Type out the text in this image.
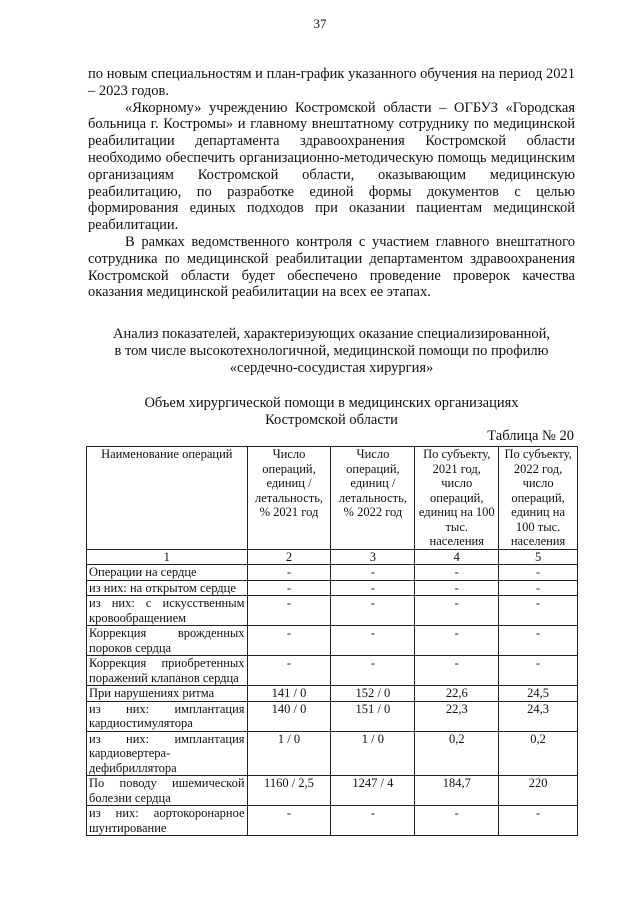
37

по новым специальностям и план-график указанного обучения на период 2021 – 2023 годов.

«Якорному» учреждению Костромской области – ОГБУЗ «Городская больница г. Костромы» и главному внештатному сотруднику по медицинской реабилитации департамента здравоохранения Костромской области необходимо обеспечить организационно-методическую помощь медицинским организациям Костромской области, оказывающим медицинскую реабилитацию, по разработке единой формы документов с целью формирования единых подходов при оказании пациентам медицинской реабилитации.

В рамках ведомственного контроля с участием главного внештатного сотрудника по медицинской реабилитации департаментом здравоохранения Костромской области будет обеспечено проведение проверок качества оказания медицинской реабилитации на всех ее этапах.

Анализ показателей, характеризующих оказание специализированной,
в том числе высокотехнологичной, медицинской помощи по профилю
«сердечно-сосудистая хирургия»
Объем хирургической помощи в медицинских организациях
Костромской области
Таблица № 20
Наименование операций	Число операций, единиц / летальность, % 2021 год	Число операций, единиц / летальность, % 2022 год	По субъекту, 2021 год, число операций, единиц на 100 тыс. населения	По субъекту, 2022 год, число операций, единиц на 100 тыс. населения
1	2	3	4	5
Операции на сердце	-	-	-	-
из них: на открытом сердце	-	-	-	-
из них: с искусственным кровообращением	-	-	-	-
Коррекция врожденных пороков сердца	-	-	-	-
Коррекция приобретенных поражений клапанов сердца	-	-	-	-
При нарушениях ритма	141 / 0	152 / 0	22,6	24,5
из них: имплантация кардиостимулятора	140 / 0	151 / 0	22,3	24,3
из них: имплантация кардиовертера-дефибриллятора	1 / 0	1 / 0	0,2	0,2
По поводу ишемической болезни сердца	1160 / 2,5	1247 / 4	184,7	220
из них: аортокоронарное шунтирование	-	-	-	-
